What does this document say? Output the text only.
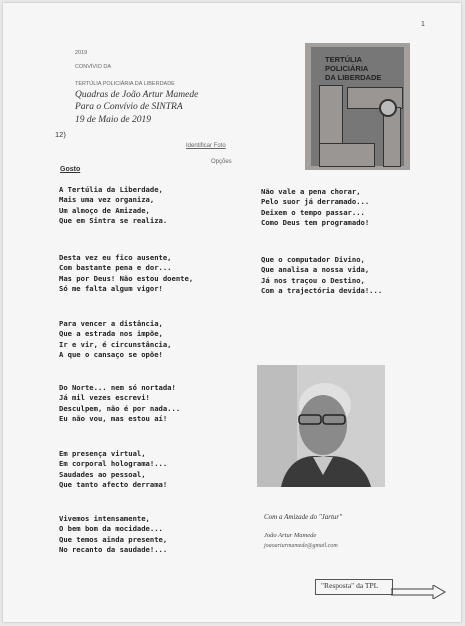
1
2019
CONVÍVIO DA
TERTÚLIA POLICIÁRIA DA LIBERDADE
Quadras de João Artur Mamede
Para o Convívio de SINTRA
19 de Maio de 2019
12)
Identificar Foto
Opções
Gosto
TERTÚLIA
POLICIÁRIA
DA LIBERDADE
A Tertúlia da Liberdade,
Mais uma vez organiza,
Um almoço de Amizade,
Que em Sintra se realiza.
Desta vez eu fico ausente,
Com bastante pena e dor...
Mas por Deus! Não estou doente,
Só me falta algum vigor!
Para vencer a distância,
Que a estrada nos impõe,
Ir e vir, é circunstância,
A que o cansaço se opõe!
Do Norte... nem só nortada!
Já mil vezes escrevi!
Desculpem, não é por nada...
Eu não vou, mas estou aí!
Em presença virtual,
Em corporal holograma!...
Saudades ao pessoal,
Que tanto afecto derrama!
Vivemos intensamente,
O bem bom da mocidade...
Que temos ainda presente,
No recanto da saudade!...
Não vale a pena chorar,
Pelo suor já derramado...
Deixem o tempo passar...
Como Deus tem programado!
Que o computador Divino,
Que analisa a nossa vida,
Já nos traçou o Destino,
Com a trajectória devida!...
Com a Amizade do "Jartur"
João Artur Mamede
joaoarturmamede@gmail.com
"Resposta" da TPL
